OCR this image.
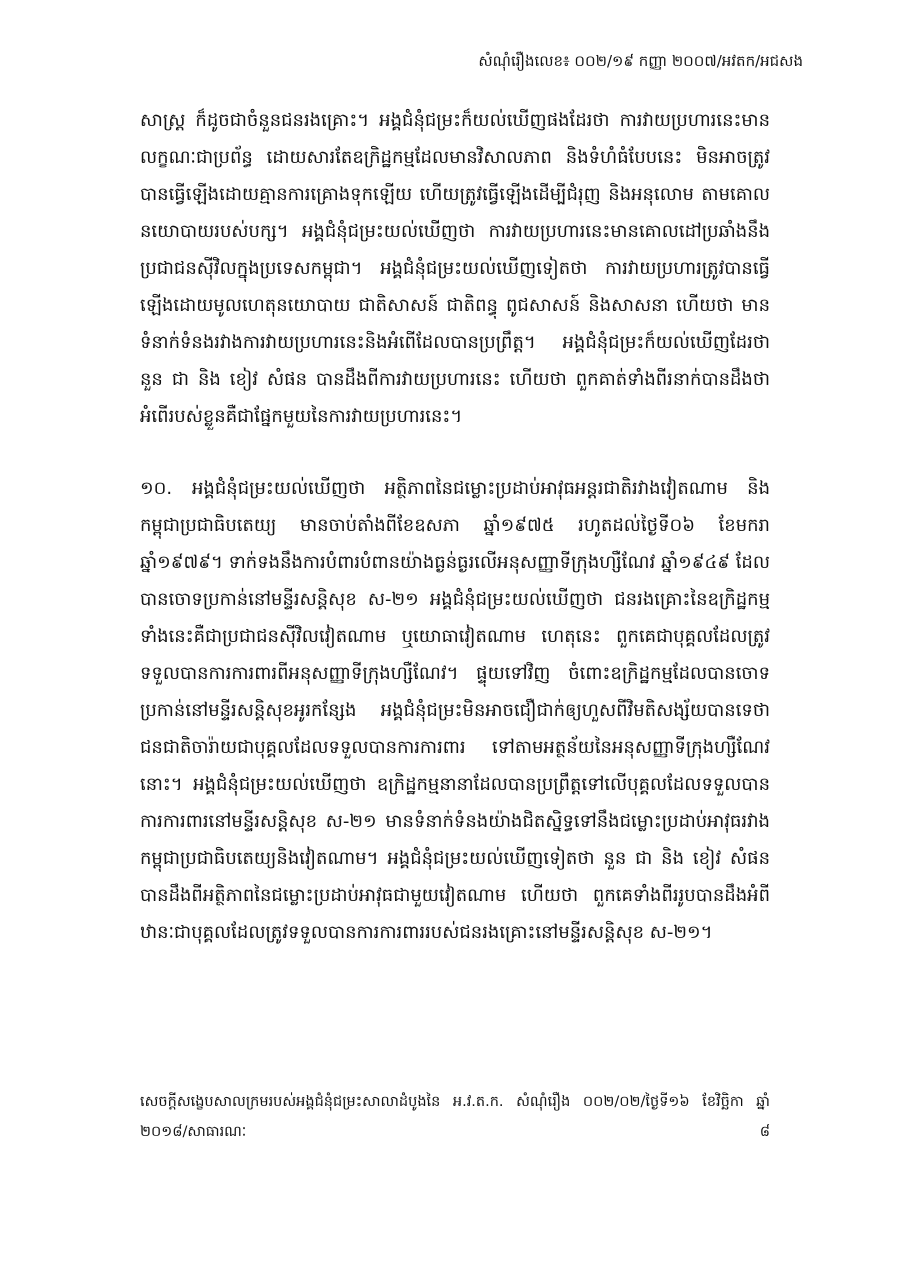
សំណុំរឿងលេខ៖ ០០២/១៩ កញ្ញា ២០០៧/អវតក/អជសង
សាស្ត្រ ក៏ដូចជាចំនួនជនរងគ្រោះ។ អង្គជំនុំជម្រះក៏យល់ឃើញផងដែរថា ការវាយប្រហារនេះមានលក្ខណៈជាប្រព័ន្ធ ដោយសារតែឧក្រិដ្ឋកម្មដែលមានវិសាលភាព និងទំហំធំបែបនេះ មិនអាចត្រូវបានធ្វើឡើងដោយគ្មានការគ្រោងទុកឡើយ ហើយត្រូវធ្វើឡើងដើម្បីជំរុញ និងអនុលោម តាមគោលនយោបាយរបស់បក្ស។ អង្គជំនុំជម្រះយល់ឃើញថា ការវាយប្រហារនេះមានគោលដៅប្រឆាំងនឹងប្រជាជនស៊ីវិលក្នុងប្រទេសកម្ពុជា។ អង្គជំនុំជម្រះយល់ឃើញទៀតថា ការវាយប្រហារត្រូវបានធ្វើឡើងដោយមូលហេតុនយោបាយ ជាតិសាសន៍ ជាតិពន្ធុ ពូជសាសន៍ និងសាសនា ហើយថា មានទំនាក់ទំនងរវាងការវាយប្រហារនេះនិងអំពើដែលបានប្រព្រឹត្ត។ អង្គជំនុំជម្រះក៏យល់ឃើញដែរថា នួន ជា និង ខៀវ សំផន បានដឹងពីការវាយប្រហារនេះ ហើយថា ពួកគាត់ទាំងពីរនាក់បានដឹងថាអំពើរបស់ខ្លួនគឺជាផ្នែកមួយនៃការវាយប្រហារនេះ។
១០. អង្គជំនុំជម្រះយល់ឃើញថា អត្ថិភាពនៃជម្លោះប្រដាប់អាវុធអន្តរជាតិរវាងវៀតណាម និងកម្ពុជាប្រជាធិបតេយ្យ មានចាប់តាំងពីខែឧសភា ឆ្នាំ១៩៧៥ រហូតដល់ថ្ងៃទី០៦ ខែមករា ឆ្នាំ១៩៧៩។ ទាក់ទងនឹងការបំពារបំពានយ៉ាងធ្ងន់ធ្ងរលើអនុសញ្ញាទីក្រុងហ្សឺណែវ ឆ្នាំ១៩៤៩ ដែលបានចោទប្រកាន់នៅមន្ទីរសន្តិសុខ ស-២១ អង្គជំនុំជម្រះយល់ឃើញថា ជនរងគ្រោះនៃឧក្រិដ្ឋកម្មទាំងនេះគឺជាប្រជាជនស៊ីវិលវៀតណាម ឬយោធាវៀតណាម ហេតុនេះ ពួកគេជាបុគ្គលដែលត្រូវទទួលបានការការពារពីអនុសញ្ញាទីក្រុងហ្សឺណែវ។ ផ្ទុយទៅវិញ ចំពោះឧក្រិដ្ឋកម្មដែលបានចោទប្រកាន់នៅមន្ទីរសន្តិសុខអូរកន្សែង អង្គជំនុំជម្រះមិនអាចជឿជាក់ឲ្យហួសពីវិមតិសង្ស័យបានទេថា ជនជាតិចារ៉ាយជាបុគ្គលដែលទទួលបានការការពារ ទៅតាមអត្ថន័យនៃអនុសញ្ញាទីក្រុងហ្សឺណែវនោះ។ អង្គជំនុំជម្រះយល់ឃើញថា ឧក្រិដ្ឋកម្មនានាដែលបានប្រព្រឹត្តទៅលើបុគ្គលដែលទទួលបានការការពារនៅមន្ទីរសន្តិសុខ ស-២១ មានទំនាក់ទំនងយ៉ាងជិតស្និទ្ធទៅនឹងជម្លោះប្រដាប់អាវុធរវាងកម្ពុជាប្រជាធិបតេយ្យនិងវៀតណាម។ អង្គជំនុំជម្រះយល់ឃើញទៀតថា នួន ជា និង ខៀវ សំផន បានដឹងពីអត្ថិភាពនៃជម្លោះប្រដាប់អាវុធជាមួយវៀតណាម ហើយថា ពួកគេទាំងពីររូបបានដឹងអំពីឋានៈជាបុគ្គលដែលត្រូវទទួលបានការការពាររបស់ជនរងគ្រោះនៅមន្ទីរសន្តិសុខ ស-២១។
សេចក្ដីសង្ខេបសាលក្រមរបស់អង្គជំនុំជម្រះសាលាដំបូងនៃ អ.វ.ត.ក. សំណុំរឿង ០០២/០២/ថ្ងៃទី១៦ ខែវិច្ឆិកា ឆ្នាំ
២០១៨/សាធារណៈ	៨
